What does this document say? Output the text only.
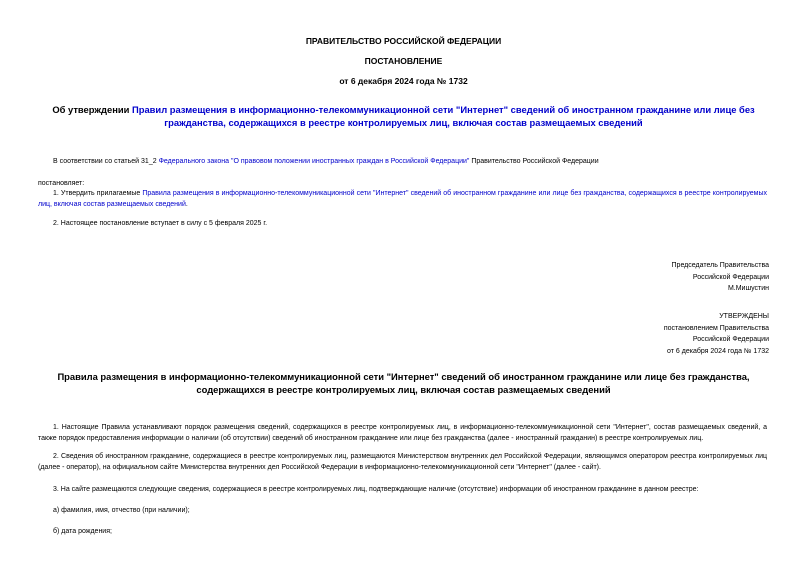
ПРАВИТЕЛЬСТВО РОССИЙСКОЙ ФЕДЕРАЦИИ
ПОСТАНОВЛЕНИЕ
от 6 декабря 2024 года № 1732
Об утверждении Правил размещения в информационно-телекоммуникационной сети "Интернет" сведений об иностранном гражданине или лице без гражданства, содержащихся в реестре контролируемых лиц, включая состав размещаемых сведений
В соответствии со статьей 31_2 Федерального закона "О правовом положении иностранных граждан в Российской Федерации" Правительство Российской Федерации
постановляет:
1. Утвердить прилагаемые Правила размещения в информационно-телекоммуникационной сети "Интернет" сведений об иностранном гражданине или лице без гражданства, содержащихся в реестре контролируемых лиц, включая состав размещаемых сведений.
2. Настоящее постановление вступает в силу с 5 февраля 2025 г.
Председатель Правительства
Российской Федерации
М.Мишустин
УТВЕРЖДЕНЫ
постановлением Правительства
Российской Федерации
от 6 декабря 2024 года № 1732
Правила размещения в информационно-телекоммуникационной сети "Интернет" сведений об иностранном гражданине или лице без гражданства, содержащихся в реестре контролируемых лиц, включая состав размещаемых сведений
1. Настоящие Правила устанавливают порядок размещения сведений, содержащихся в реестре контролируемых лиц, в информационно-телекоммуникационной сети "Интернет", состав размещаемых сведений, а также порядок предоставления информации о наличии (об отсутствии) сведений об иностранном гражданине или лице без гражданства (далее - иностранный гражданин) в реестре контролируемых лиц.
2. Сведения об иностранном гражданине, содержащиеся в реестре контролируемых лиц, размещаются Министерством внутренних дел Российской Федерации, являющимся оператором реестра контролируемых лиц (далее - оператор), на официальном сайте Министерства внутренних дел Российской Федерации в информационно-телекоммуникационной сети "Интернет" (далее - сайт).
3. На сайте размещаются следующие сведения, содержащиеся в реестре контролируемых лиц, подтверждающие наличие (отсутствие) информации об иностранном гражданине в данном реестре:
а) фамилия, имя, отчество (при наличии);
б) дата рождения;
